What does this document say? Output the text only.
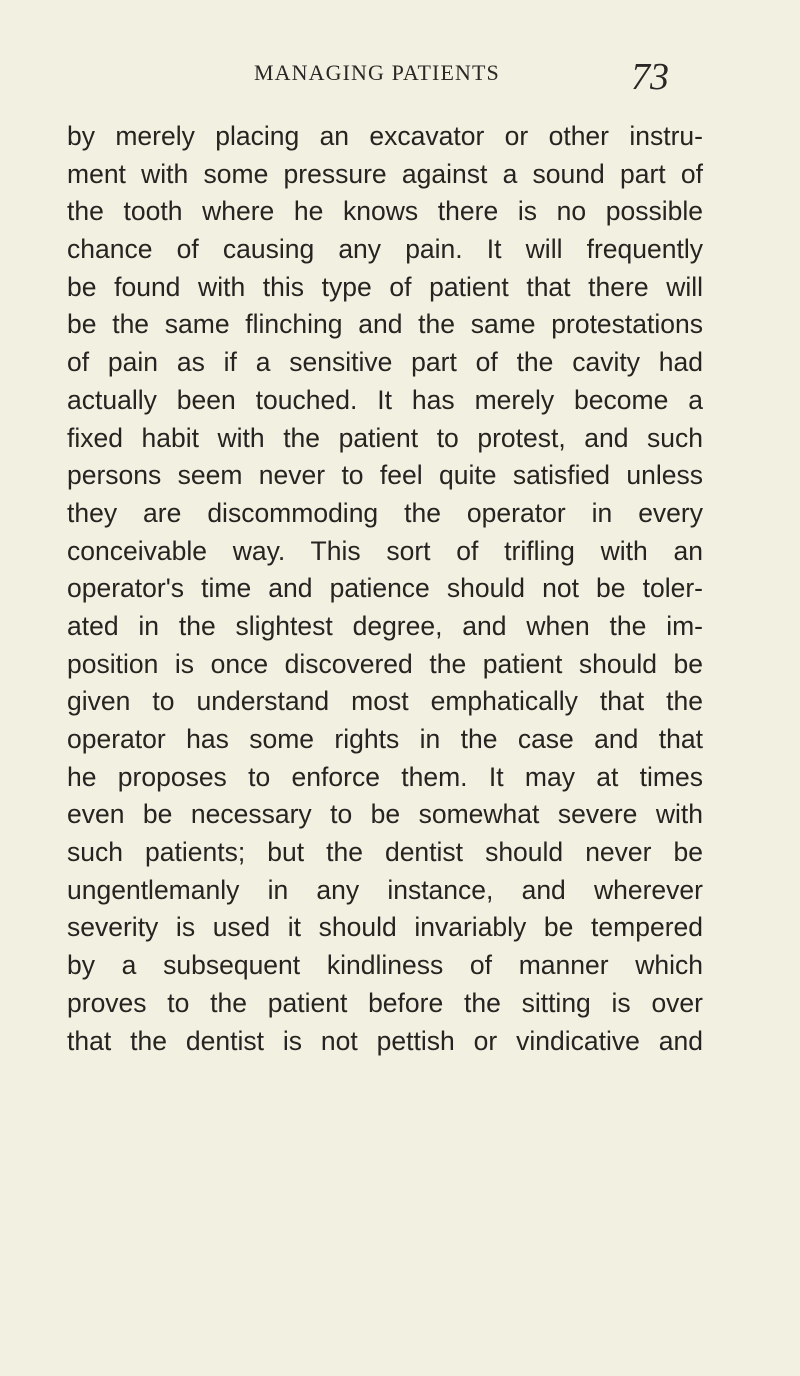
MANAGING PATIENTS	73
by merely placing an excavator or other instru-
ment with some pressure against a sound part of
the tooth where he knows there is no possible
chance of causing any pain. It will frequently
be found with this type of patient that there will
be the same flinching and the same protestations
of pain as if a sensitive part of the cavity had
actually been touched. It has merely become a
fixed habit with the patient to protest, and such
persons seem never to feel quite satisfied unless
they are discommoding the operator in every
conceivable way. This sort of trifling with an
operator's time and patience should not be toler-
ated in the slightest degree, and when the im-
position is once discovered the patient should be
given to understand most emphatically that the
operator has some rights in the case and that
he proposes to enforce them. It may at times
even be necessary to be somewhat severe with
such patients; but the dentist should never be
ungentlemanly in any instance, and wherever
severity is used it should invariably be tempered
by a subsequent kindliness of manner which
proves to the patient before the sitting is over
that the dentist is not pettish or vindicative and
